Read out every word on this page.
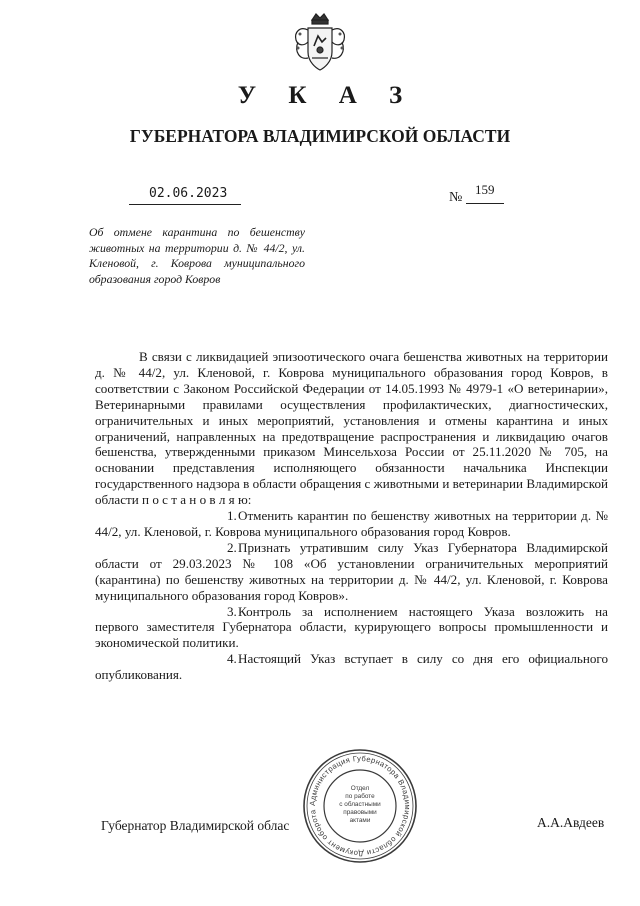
У К А З
ГУБЕРНАТОРА ВЛАДИМИРСКОЙ ОБЛАСТИ
02.06.2023	№
159
Об отмене карантина по бешенству животных на территории д. № 44/2, ул. Кленовой, г. Коврова муниципального образования город Ковров

В связи с ликвидацией эпизоотического очага бешенства животных на территории д. № 44/2, ул. Кленовой, г. Коврова муниципального образования город Ковров, в соответствии с Законом Российской Федерации от 14.05.1993 № 4979-1 «О ветеринарии», Ветеринарными правилами осуществления профилактических, диагностических, ограничительных и иных мероприятий, установления и отмены карантина и иных ограничений, направленных на предотвращение распространения и ликвидацию очагов бешенства, утвержденными приказом Минсельхоза России от 25.11.2020 № 705, на основании представления исполняющего обязанности начальника Инспекции государственного надзора в области обращения с животными и ветеринарии Владимирской области п о с т а н о в л я ю:

1.Отменить карантин по бешенству животных на территории д. № 44/2, ул. Кленовой, г. Коврова муниципального образования город Ковров.

2.Признать утратившим силу Указ Губернатора Владимирской области от 29.03.2023 № 108 «Об установлении ограничительных мероприятий (карантина) по бешенству животных на территории д. № 44/2, ул. Кленовой, г. Коврова муниципального образования город Ковров».

3.Контроль за исполнением настоящего Указа возложить на первого заместителя Губернатора области, курирующего вопросы промышленности и экономической политики.

4.Настоящий Указ вступает в силу со дня его официального опубликования.

Губернатор Владимирской облас	А.А.Авдеев
Администрация Губернатора Владимирской области Документ оборота
Отдел
по работе
с областными
правовыми
актами
